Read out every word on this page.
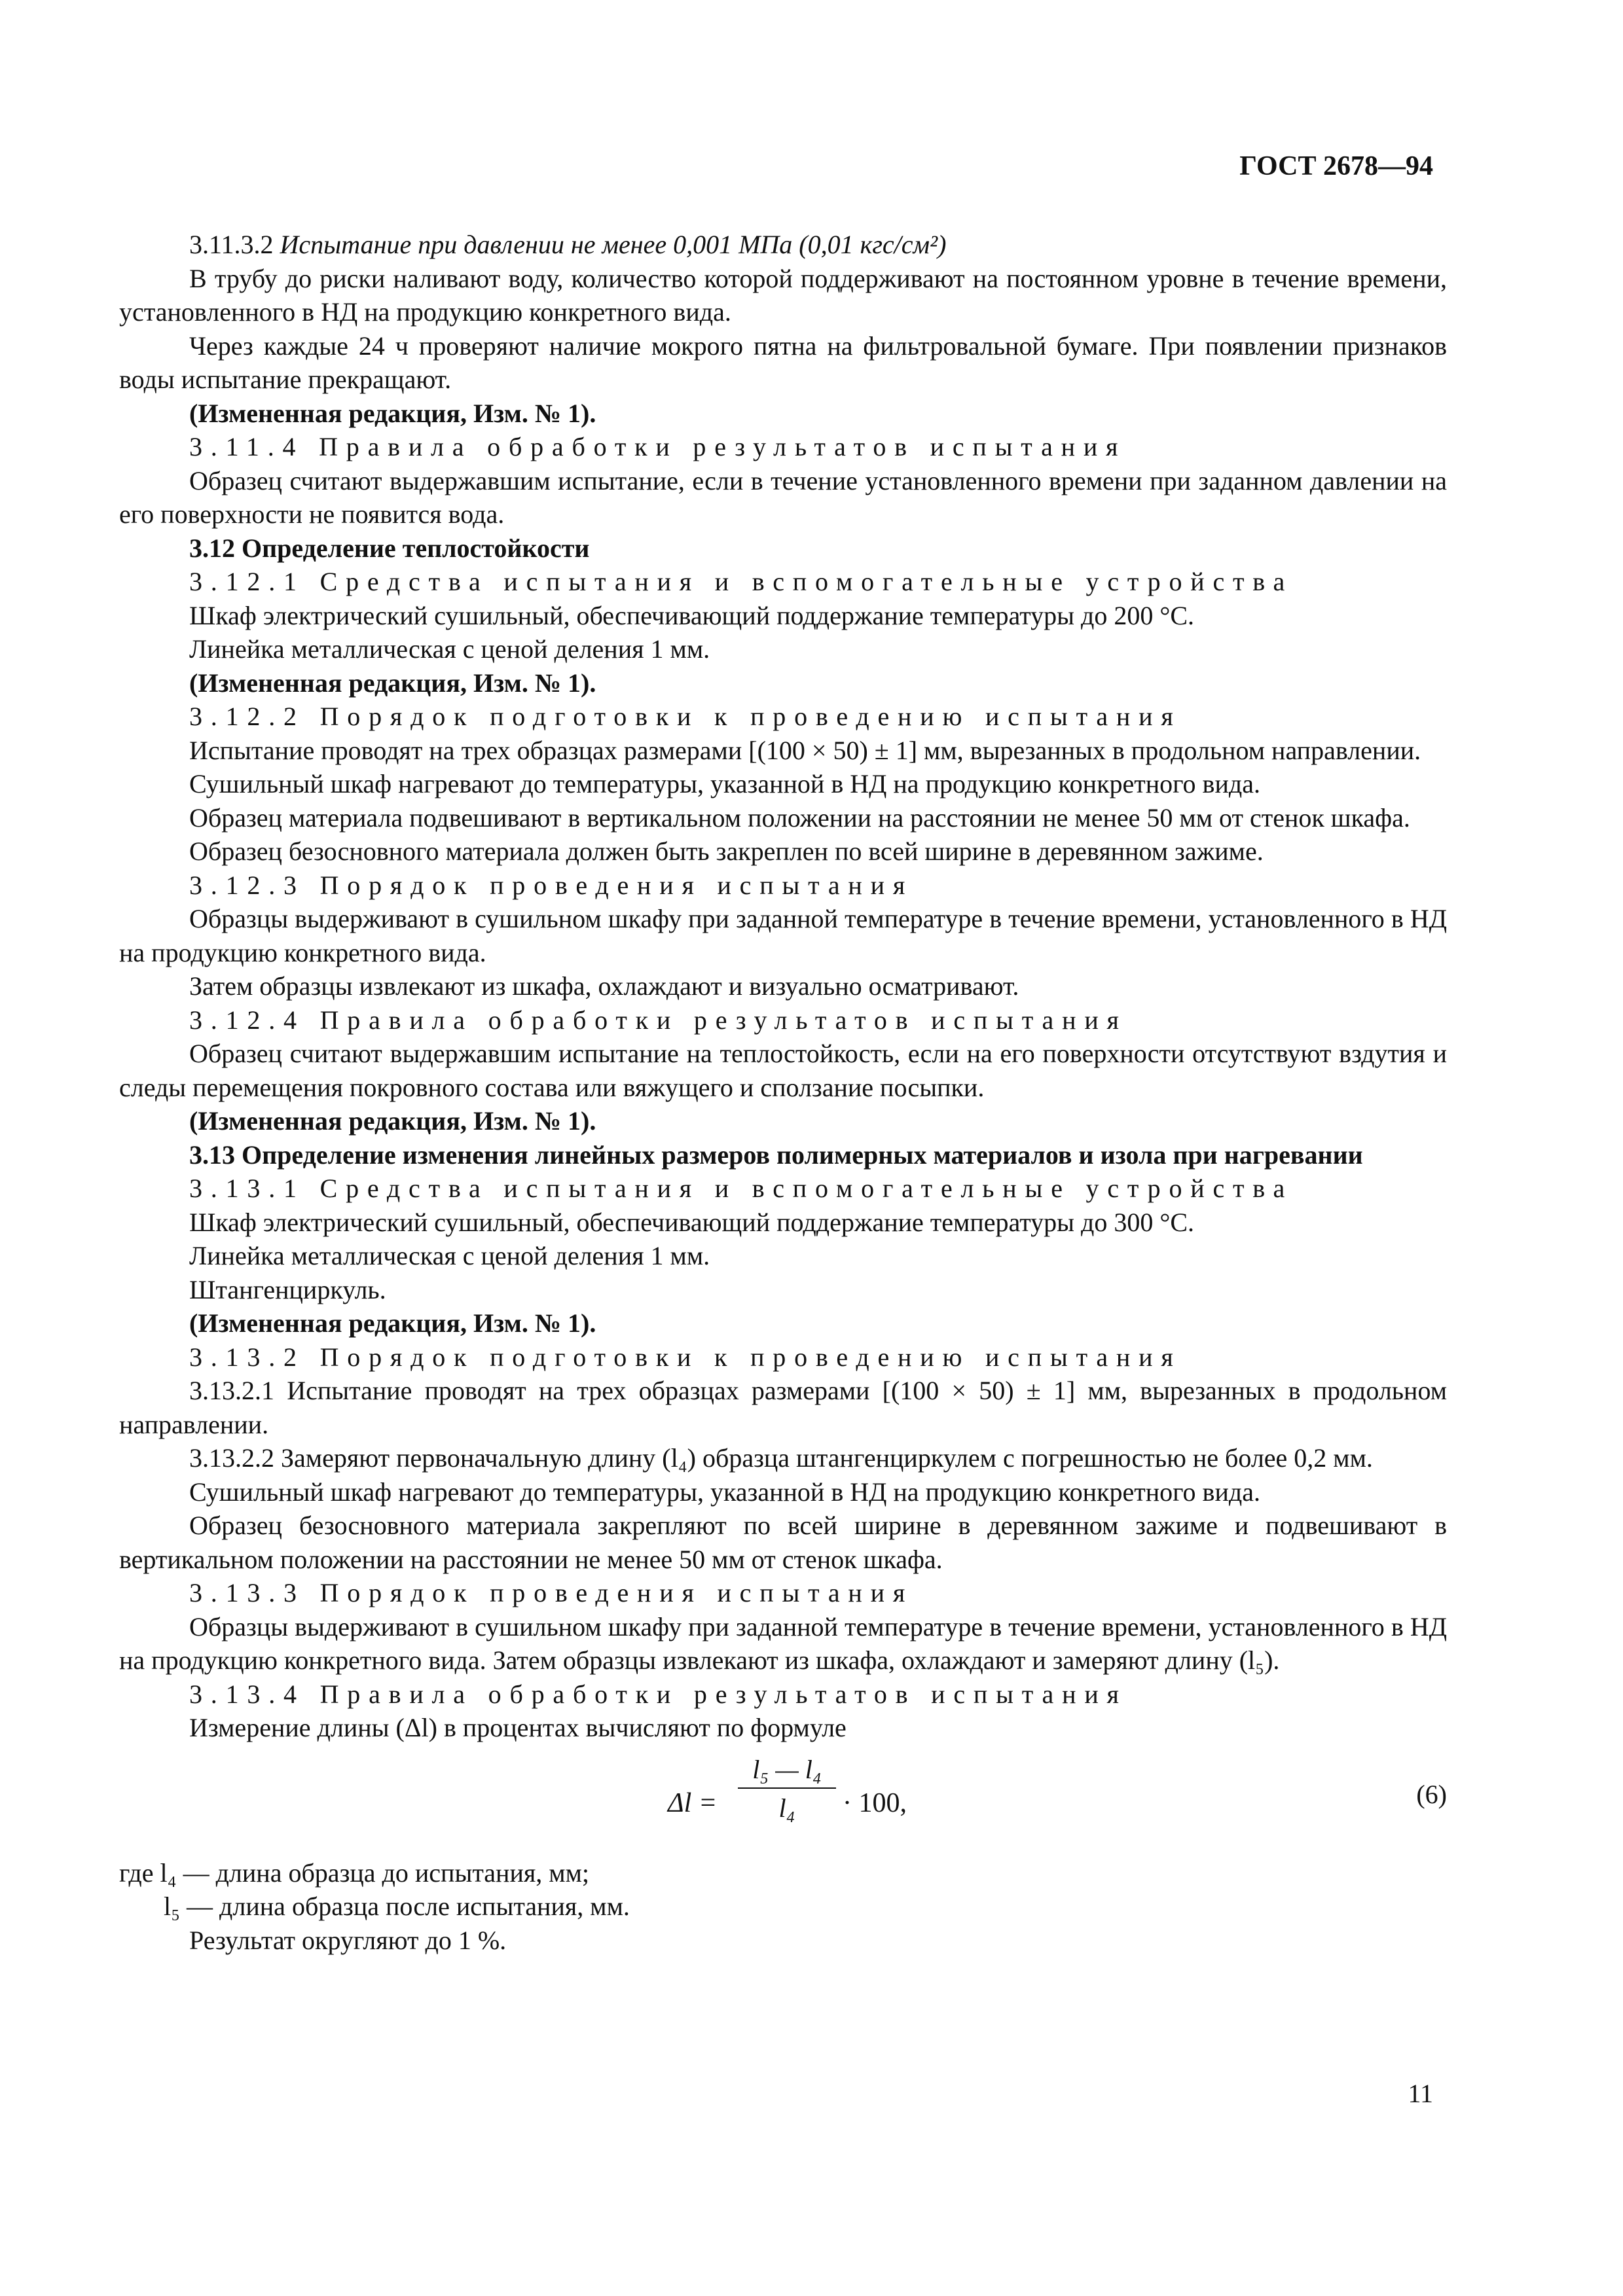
ГОСТ 2678—94

3.11.3.2 Испытание при давлении не менее 0,001 МПа (0,01 кгс/см²)

В трубу до риски наливают воду, количество которой поддерживают на постоянном уровне в течение времени, установленного в НД на продукцию конкретного вида.

Через каждые 24 ч проверяют наличие мокрого пятна на фильтровальной бумаге. При появлении признаков воды испытание прекращают.

(Измененная редакция, Изм. № 1).

3.11.4 Правила обработки результатов испытания

Образец считают выдержавшим испытание, если в течение установленного времени при заданном давлении на его поверхности не появится вода.

3.12 Определение теплостойкости

3.12.1 Средства испытания и вспомогательные устройства

Шкаф электрический сушильный, обеспечивающий поддержание температуры до 200 °С.

Линейка металлическая с ценой деления 1 мм.

(Измененная редакция, Изм. № 1).

3.12.2 Порядок подготовки к проведению испытания

Испытание проводят на трех образцах размерами [(100 × 50) ± 1] мм, вырезанных в продольном направлении.

Сушильный шкаф нагревают до температуры, указанной в НД на продукцию конкретного вида.

Образец материала подвешивают в вертикальном положении на расстоянии не менее 50 мм от стенок шкафа.

Образец безосновного материала должен быть закреплен по всей ширине в деревянном зажиме.

3.12.3 Порядок проведения испытания

Образцы выдерживают в сушильном шкафу при заданной температуре в течение времени, установленного в НД на продукцию конкретного вида.

Затем образцы извлекают из шкафа, охлаждают и визуально осматривают.

3.12.4 Правила обработки результатов испытания

Образец считают выдержавшим испытание на теплостойкость, если на его поверхности отсутствуют вздутия и следы перемещения покровного состава или вяжущего и сползание посыпки.

(Измененная редакция, Изм. № 1).

3.13 Определение изменения линейных размеров полимерных материалов и изола при нагревании

3.13.1 Средства испытания и вспомогательные устройства

Шкаф электрический сушильный, обеспечивающий поддержание температуры до 300 °С.

Линейка металлическая с ценой деления 1 мм.

Штангенциркуль.

(Измененная редакция, Изм. № 1).

3.13.2 Порядок подготовки к проведению испытания

3.13.2.1 Испытание проводят на трех образцах размерами [(100 × 50) ± 1] мм, вырезанных в продольном направлении.

3.13.2.2 Замеряют первоначальную длину (l₄) образца штангенциркулем с погрешностью не более 0,2 мм.

Сушильный шкаф нагревают до температуры, указанной в НД на продукцию конкретного вида.

Образец безосновного материала закрепляют по всей ширине в деревянном зажиме и подвешивают в вертикальном положении на расстоянии не менее 50 мм от стенок шкафа.

3.13.3 Порядок проведения испытания

Образцы выдерживают в сушильном шкафу при заданной температуре в течение времени, установленного в НД на продукцию конкретного вида. Затем образцы извлекают из шкафа, охлаждают и замеряют длину (l₅).

3.13.4 Правила обработки результатов испытания

Измерение длины (Δl) в процентах вычисляют по формуле

Δl =
l₅ — l₄
l₄	· 100,	(6)

где l₄ — длина образца до испытания, мм;

l₅ — длина образца после испытания, мм.

Результат округляют до 1 %.

11
